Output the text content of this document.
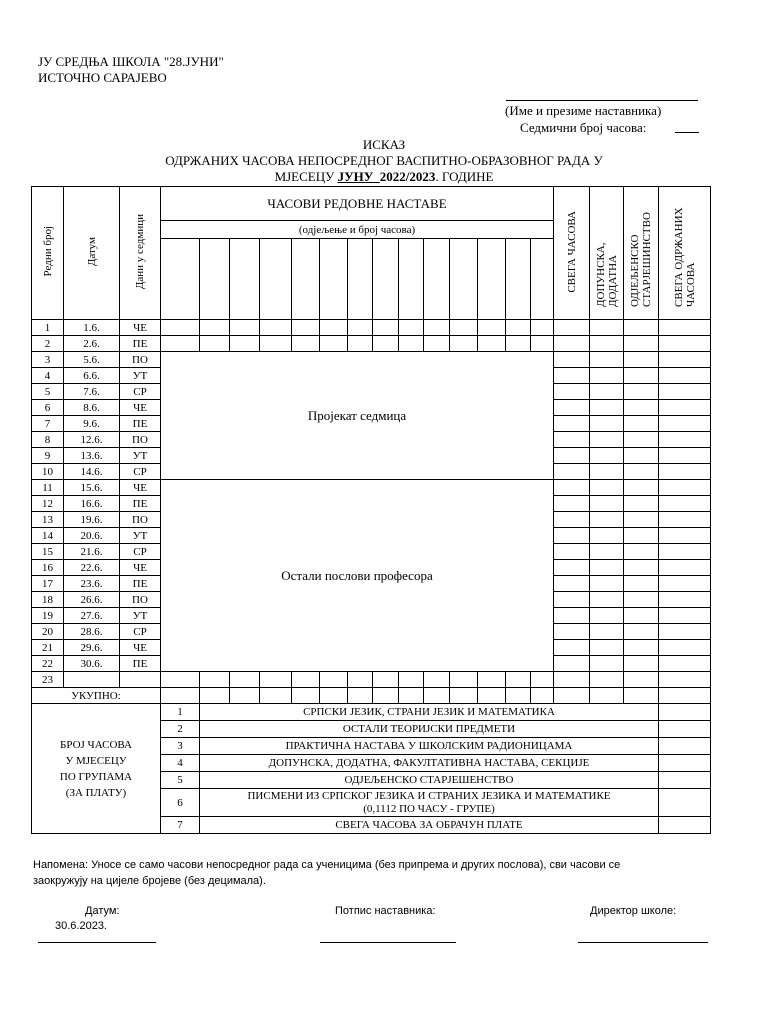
ЈУ СРЕДЊА ШКОЛА "28.ЈУНИ"
ИСТОЧНО САРАЈЕВО
(Име и презиме наставника)
Седмични број часова:
ИСКАЗ
ОДРЖАНИХ ЧАСОВА НЕПОСРЕДНОГ ВАСПИТНО-ОБРАЗОВНОГ РАДА У
МЈЕСЕЦУ ЈУНУ 2022/2023. ГОДИНЕ
Редни број	Датум	Дани у седмици	ЧАСОВИ РЕДОВНЕ НАСТАВЕ														СВЕГА ЧАСОВА	ДОПУНСКА, ДОДАТНА	ОДЈЕЉЕНСКО СТАРЈЕШИНСТВО	СВЕГА ОДРЖАНИХ ЧАСОВА
			(одјељење и број часова)																	

1	1.6.	ЧЕ																		
2	2.6.	ПЕ																		
3	5.6.	ПО	Пројекат седмица																	
4	6.6.	УТ																		
5	7.6.	СР																		
6	8.6.	ЧЕ																		
7	9.6.	ПЕ																		
8	12.6.	ПО																		
9	13.6.	УТ																		
10	14.6.	СР																		
11	15.6.	ЧЕ	Остали послови професора																	
12	16.6.	ПЕ																		
13	19.6.	ПО																		
14	20.6.	УТ																		
15	21.6.	СР																		
16	22.6.	ЧЕ																		
17	23.6.	ПЕ																		
18	26.6.	ПО																		
19	27.6.	УТ																		
20	28.6.	СР																		
21	29.6.	ЧЕ																		
22	30.6.	ПЕ																		
23																				
УКУПНО:																				

БРОЈ ЧАСОВА
У МЈЕСЕЦУ
ПО ГРУПАМА
(ЗА ПЛАТУ)			1	СРПСКИ ЈЕЗИК, СТРАНИ ЈЕЗИК И МАТЕМАТИКА																

			2	ОСТАЛИ ТЕОРИЈСКИ ПРЕДМЕТИ																

			3	ПРАКТИЧНА НАСТАВА У ШКОЛСКИМ РАДИОНИЦАМА																

			4	ДОПУНСКА, ДОДАТНА, ФАКУЛТАТИВНА НАСТАВА, СЕКЦИЈЕ																

			5	ОДЈЕЉЕНСКО СТАРЈЕШЕНСТВО																

			6	ПИСМЕНИ ИЗ СРПСКОГ ЈЕЗИКА И СТРАНИХ ЈЕЗИКА И МАТЕМАТИКЕ
(0,1112 ПО ЧАСУ - ГРУПЕ)																

			7	СВЕГА ЧАСОВА ЗА ОБРАЧУН ПЛАТЕ																

Напомена: Уносе се само часови непосредног рада са ученицима (без припрема и других послова), сви часови се
заокружују на цијеле бројеве (без децимала).
Датум:
30.6.2023.
Потпис наставника:	Директор школе:
